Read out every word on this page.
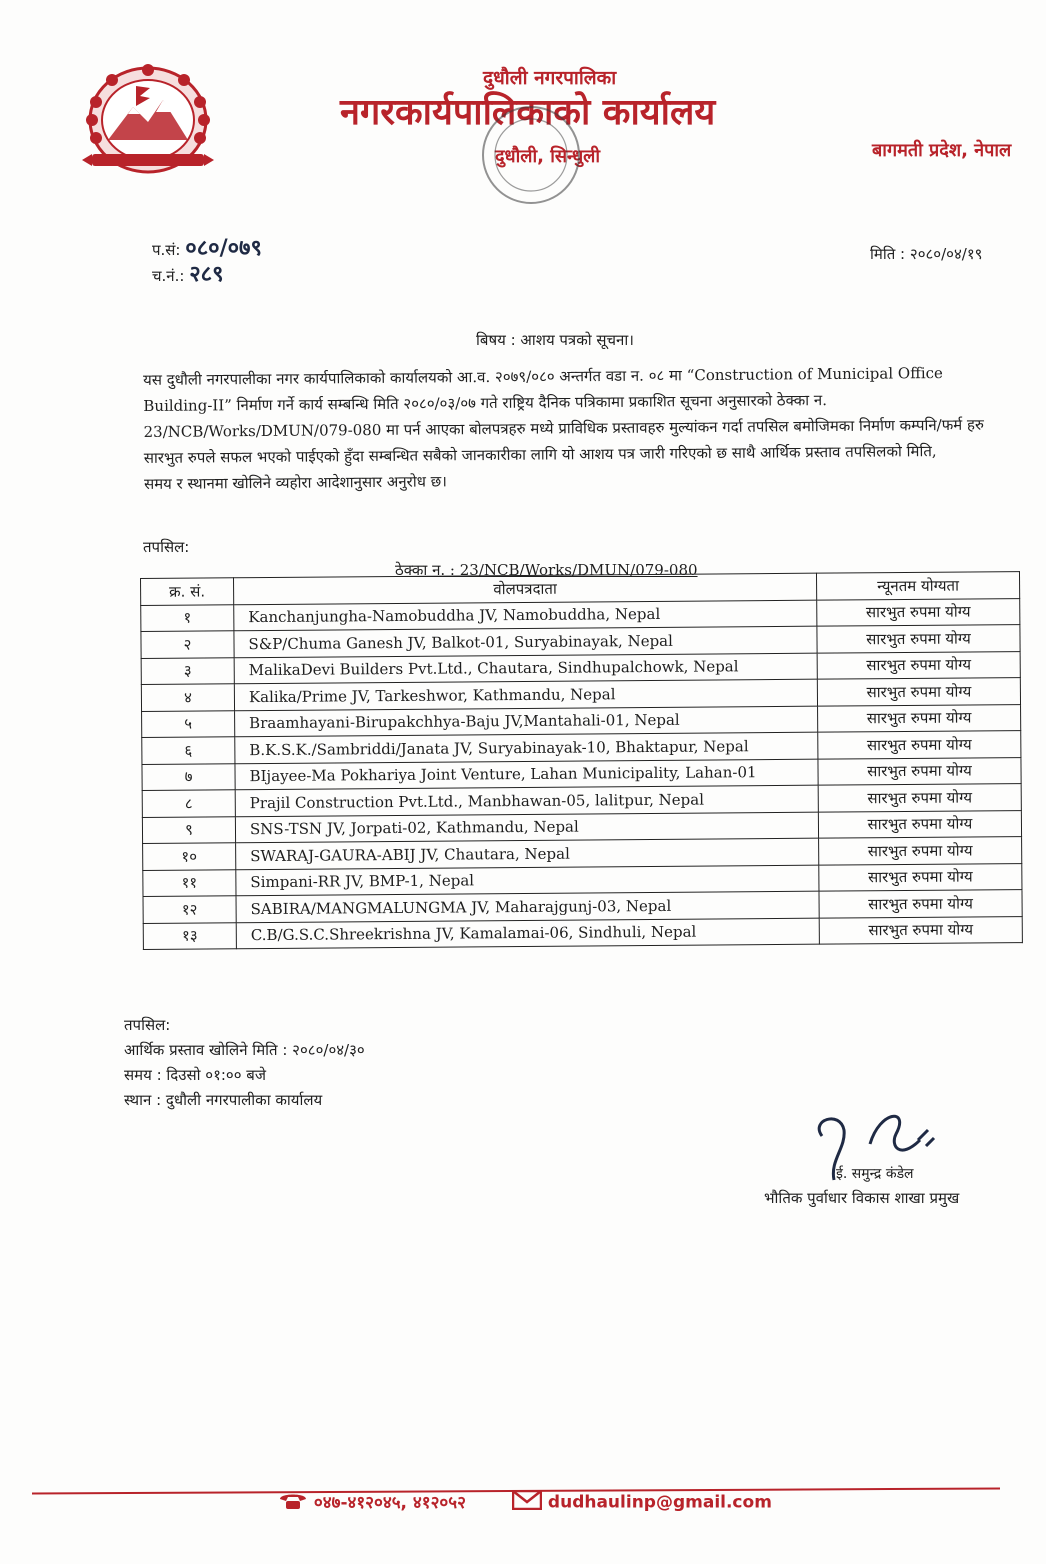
दुधौली नगरपालिका
नगरकार्यपालिकाको कार्यालय
दुधौली, सिन्धुली	बागमती प्रदेश, नेपाल
प.सं: ०८०/०७९
च.नं.: २८९
मिति : २०८०/०४/१९
बिषय : आशय पत्रको सूचना।
यस दुधौली नगरपालीका नगर कार्यपालिकाको कार्यालयको आ.व. २०७९/०८० अन्तर्गत वडा न. ०८ मा “Construction of Municipal Office
Building-II” निर्माण गर्ने कार्य सम्बन्धि मिति २०८०/०३/०७ गते राष्ट्रिय दैनिक पत्रिकामा प्रकाशित सूचना अनुसारको ठेक्का न.
23/NCB/Works/DMUN/079-080 मा पर्न आएका बोलपत्रहरु मध्ये प्राविधिक प्रस्तावहरु मुल्यांकन गर्दा तपसिल बमोजिमका निर्माण कम्पनि/फर्म हरु
सारभुत रुपले सफल भएको पाईएको हुँदा सम्बन्धित सबैको जानकारीका लागि यो आशय पत्र जारी गरिएको छ साथै आर्थिक प्रस्ताव तपसिलको मिति,
समय र स्थानमा खोलिने व्यहोरा आदेशानुसार अनुरोध छ।
तपसिल:
ठेक्का न. : 23/NCB/Works/DMUN/079-080
क्र. सं.	वोलपत्रदाता	न्यूनतम योग्यता
१	Kanchanjungha-Namobuddha JV, Namobuddha, Nepal	सारभुत रुपमा योग्य
२	S&P/Chuma Ganesh JV, Balkot-01, Suryabinayak, Nepal	सारभुत रुपमा योग्य
३	MalikaDevi Builders Pvt.Ltd., Chautara, Sindhupalchowk, Nepal	सारभुत रुपमा योग्य
४	Kalika/Prime JV, Tarkeshwor, Kathmandu, Nepal	सारभुत रुपमा योग्य
५	Braamhayani-Birupakchhya-Baju JV,Mantahali-01, Nepal	सारभुत रुपमा योग्य
६	B.K.S.K./Sambriddi/Janata JV, Suryabinayak-10, Bhaktapur, Nepal	सारभुत रुपमा योग्य
७	BIjayee-Ma Pokhariya Joint Venture, Lahan Municipality, Lahan-01	सारभुत रुपमा योग्य
८	Prajil Construction Pvt.Ltd., Manbhawan-05, lalitpur, Nepal	सारभुत रुपमा योग्य
९	SNS-TSN JV, Jorpati-02, Kathmandu, Nepal	सारभुत रुपमा योग्य
१०	SWARAJ-GAURA-ABIJ JV, Chautara, Nepal	सारभुत रुपमा योग्य
११	Simpani-RR JV, BMP-1, Nepal	सारभुत रुपमा योग्य
१२	SABIRA/MANGMALUNGMA JV, Maharajgunj-03, Nepal	सारभुत रुपमा योग्य
१३	C.B/G.S.C.Shreekrishna JV, Kamalamai-06, Sindhuli, Nepal	सारभुत रुपमा योग्य
तपसिल:
आर्थिक प्रस्ताव खोलिने मिति : २०८०/०४/३०
समय : दिउसो ०१:०० बजे
स्थान : दुधौली नगरपालीका कार्यालय
ई. समुन्द्र कंडेल
भौतिक पुर्वाधार विकास शाखा प्रमुख
०४७-४१२०४५, ४१२०५२	dudhaulinp@gmail.com
